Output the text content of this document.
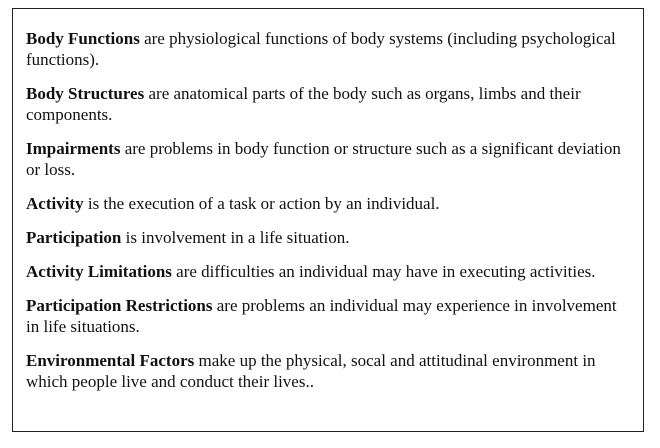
Body Functions are physiological functions of body systems (including psychological functions).

Body Structures are anatomical parts of the body such as organs, limbs and their components.

Impairments are problems in body function or structure such as a significant deviation or loss.

Activity is the execution of a task or action by an individual.

Participation is involvement in a life situation.

Activity Limitations are difficulties an individual may have in executing activities.

Participation Restrictions are problems an individual may experience in involvement in life situations.

Environmental Factors make up the physical, socal and attitudinal environment in which people live and conduct their lives..
